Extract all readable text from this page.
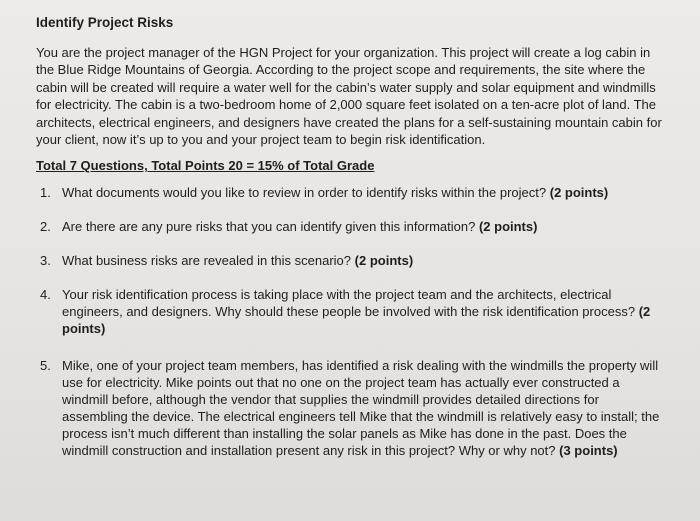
Identify Project Risks

You are the project manager of the HGN Project for your organization. This project will create a log cabin in the Blue Ridge Mountains of Georgia. According to the project scope and requirements, the site where the cabin will be created will require a water well for the cabin’s water supply and solar equipment and windmills for electricity. The cabin is a two-bedroom home of 2,000 square feet isolated on a ten-acre plot of land. The architects, electrical engineers, and designers have created the plans for a self-sustaining mountain cabin for your client, now it’s up to you and your project team to begin risk identification.

Total 7 Questions, Total Points 20 = 15% of Total Grade
1. What documents would you like to review in order to identify risks within the project? (2 points)
2. Are there are any pure risks that you can identify given this information? (2 points)
3. What business risks are revealed in this scenario? (2 points)
4. Your risk identification process is taking place with the project team and the architects, electrical engineers, and designers. Why should these people be involved with the risk identification process? (2 points)
5. Mike, one of your project team members, has identified a risk dealing with the windmills the property will use for electricity. Mike points out that no one on the project team has actually ever constructed a windmill before, although the vendor that supplies the windmill provides detailed directions for assembling the device. The electrical engineers tell Mike that the windmill is relatively easy to install; the process isn’t much different than installing the solar panels as Mike has done in the past. Does the windmill construction and installation present any risk in this project? Why or why not? (3 points)
